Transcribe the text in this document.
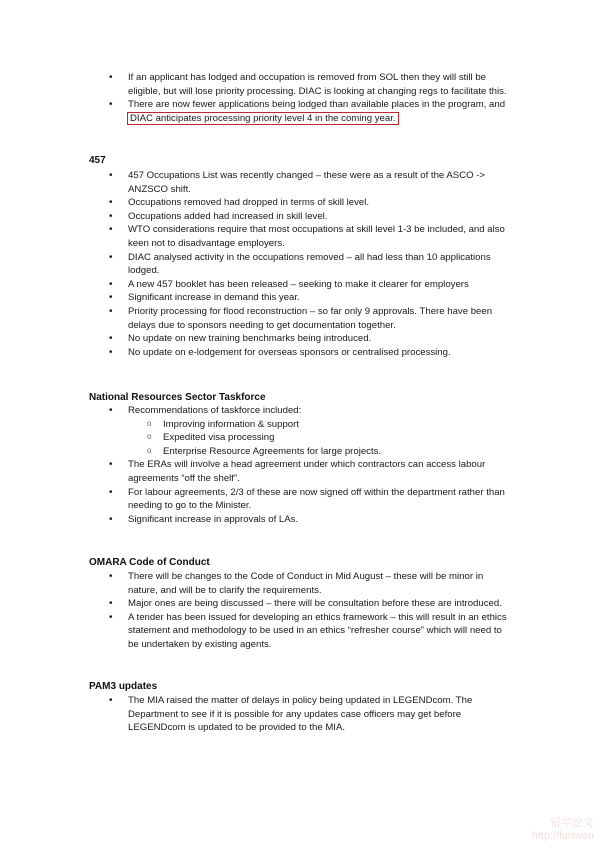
• If an applicant has lodged and occupation is removed from SOL then they will still be eligible, but will lose priority processing. DIAC is looking at changing regs to facilitate this.
• There are now fewer applications being lodged than available places in the program, and DIAC anticipates processing priority level 4 in the coming year.
457
• 457 Occupations List was recently changed – these were as a result of the ASCO -> ANZSCO shift.
• Occupations removed had dropped in terms of skill level.
• Occupations added had increased in skill level.
• WTO considerations require that most occupations at skill level 1-3 be included, and also keen not to disadvantage employers.
• DIAC analysed activity in the occupations removed – all had less than 10 applications lodged.
• A new 457 booklet has been released – seeking to make it clearer for employers
• Significant increase in demand this year.
• Priority processing for flood reconstruction – so far only 9 approvals. There have been delays due to sponsors needing to get documentation together.
• No update on new training benchmarks being introduced.
• No update on e-lodgement for overseas sponsors or centralised processing.
National Resources Sector Taskforce
• Recommendations of taskforce included:
o Improving information & support
o Expedited visa processing
o Enterprise Resource Agreements for large projects.
• The ERAs will involve a head agreement under which contractors can access labour agreements “off the shelf”.
• For labour agreements, 2/3 of these are now signed off within the department rather than needing to go to the Minister.
• Significant increase in approvals of LAs.
OMARA Code of Conduct
• There will be changes to the Code of Conduct in Mid August – these will be minor in nature, and will be to clarify the requirements.
• Major ones are being discussed – there will be consultation before these are introduced.
• A tender has been issued for developing an ethics framework – this will result in an ethics statement and methodology to be used in an ethics “refresher course” which will need to be undertaken by existing agents.
PAM3 updates
• The MIA raised the matter of delays in policy being updated in LEGENDcom. The Department to see if it is possible for any updates case officers may get before LEGENDcom is updated to be provided to the MIA.
留学论文
http://lunwen
